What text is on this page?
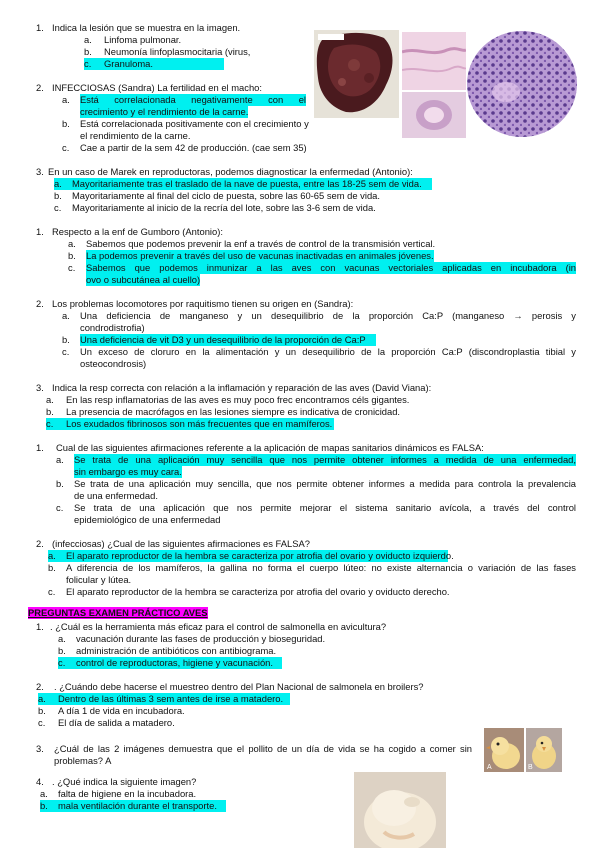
1. Indica la lesión que se muestra en la imagen.
a. Linfoma pulmonar.
b. Neumonía linfoplasmocitaria (virus,
c. Granuloma.
2. INFECCIOSAS (Sandra) La fertilidad en el macho:
a. Está correlacionada negativamente con el
crecimiento y el rendimiento de la carne.
b. Está correlacionada positivamente con el crecimiento y
el rendimiento de la carne.
c. Cae a partir de la sem 42 de producción. (cae sem 35)
3. En un caso de Marek en reproductoras, podemos diagnosticar la enfermedad (Antonio):
a. Mayoritariamente tras el traslado de la nave de puesta, entre las 18-25 sem de vida.
b. Mayoritariamente al final del ciclo de puesta, sobre las 60-65 sem de vida.
c. Mayoritariamente al inicio de la recría del lote, sobre las 3-6 sem de vida.
1. Respecto a la enf de Gumboro (Antonio):
a. Sabemos que podemos prevenir la enf a través de control de la transmisión vertical.
b. La podemos prevenir a través del uso de vacunas inactivadas en animales jóvenes.
c. Sabemos que podemos inmunizar a las aves con vacunas vectoriales aplicadas en incubadora (in
ovo o subcutánea al cuello)
2. Los problemas locomotores por raquitismo tienen su origen en (Sandra):
a. Una deficiencia de manganeso y un desequilibrio de la proporción Ca:P (manganeso → perosis y
condrodistrofia)
b. Una deficiencia de vit D3 y un desequilibrio de la proporción de Ca:P
c. Un exceso de cloruro en la alimentación y un desequilibrio de la proporción Ca:P (discondroplastia tibial y
osteocondrosis)
3. Indica la resp correcta con relación a la inflamación y reparación de las aves (David Viana):
a. En las resp inflamatorias de las aves es muy poco frec encontramos céls gigantes.
b. La presencia de macrófagos en las lesiones siempre es indicativa de cronicidad.
c. Los exudados fibrinosos son más frecuentes que en mamíferos.
1. Cual de las siguientes afirmaciones referente a la aplicación de mapas sanitarios dinámicos es FALSA:
a. Se trata de una aplicación muy sencilla que nos permite obtener informes a medida de una enfermedad,
sin embargo es muy cara.
b. Se trata de una aplicación muy sencilla, que nos permite obtener informes a medida para controla la prevalencia
de una enfermedad.
c. Se trata de una aplicación que nos permite mejorar el sistema sanitario avícola, a través del control
epidemiológico de una enfermedad
2. (infecciosas) ¿Cual de las siguientes afirmaciones es FALSA?
a. El aparato reproductor de la hembra se caracteriza por atrofia del ovario y oviducto izquierdo.
b. A diferencia de los mamíferos, la gallina no forma el cuerpo lúteo: no existe alternancia o variación de las fases
folicular y lútea.
c. El aparato reproductor de la hembra se caracteriza por atrofia del ovario y oviducto derecho.
PREGUNTAS EXAMEN PRÁCTICO AVES
1. . ¿Cuál es la herramienta más eficaz para el control de salmonella en avicultura?
a. vacunación durante las fases de producción y bioseguridad.
b. administración de antibióticos con antibiograma.
c. control de reproductoras, higiene y vacunación.
2. . ¿Cuándo debe hacerse el muestreo dentro del Plan Nacional de salmonela en broilers?
a. Dentro de las últimas 3 sem antes de irse a matadero.
b. A día 1 de vida en incubadora.
c. El día de salida a matadero.
3. ¿Cuál de las 2 imágenes demuestra que el pollito de un día de vida se ha cogido a comer sin
problemas? A
A	B
4. . ¿Qué indica la siguiente imagen?
a. falta de higiene en la incubadora.
b. mala ventilación durante el transporte.
